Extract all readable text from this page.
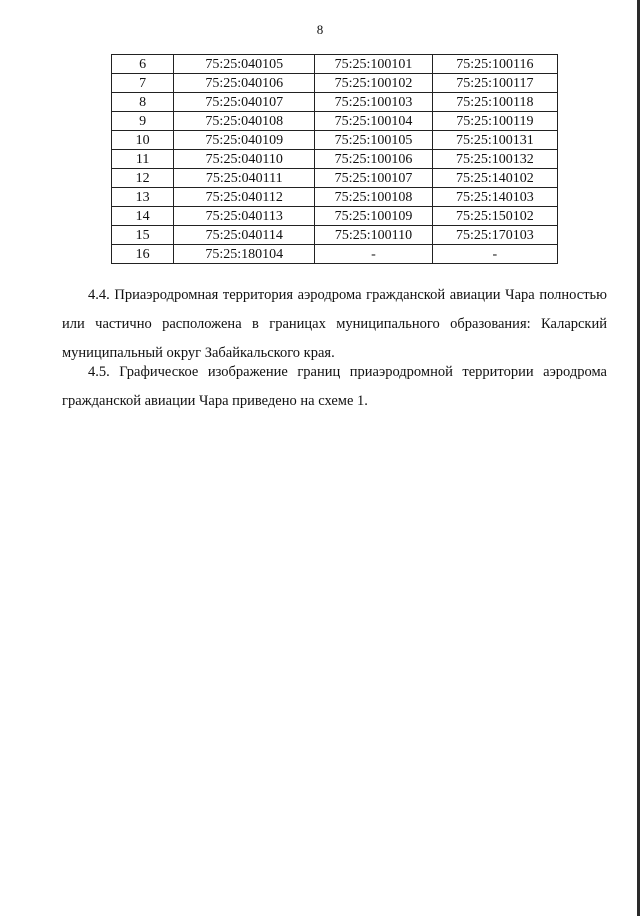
8
6	75:25:040105	75:25:100101	75:25:100116
7	75:25:040106	75:25:100102	75:25:100117
8	75:25:040107	75:25:100103	75:25:100118
9	75:25:040108	75:25:100104	75:25:100119
10	75:25:040109	75:25:100105	75:25:100131
11	75:25:040110	75:25:100106	75:25:100132
12	75:25:040111	75:25:100107	75:25:140102
13	75:25:040112	75:25:100108	75:25:140103
14	75:25:040113	75:25:100109	75:25:150102
15	75:25:040114	75:25:100110	75:25:170103
16	75:25:180104	-	-

4.4. Приаэродромная территория аэродрома гражданской авиации Чара полностью или частично расположена в границах муниципального образования: Каларский муниципальный округ Забайкальского края.

4.5. Графическое изображение границ приаэродромной территории аэродрома гражданской авиации Чара приведено на схеме 1.
